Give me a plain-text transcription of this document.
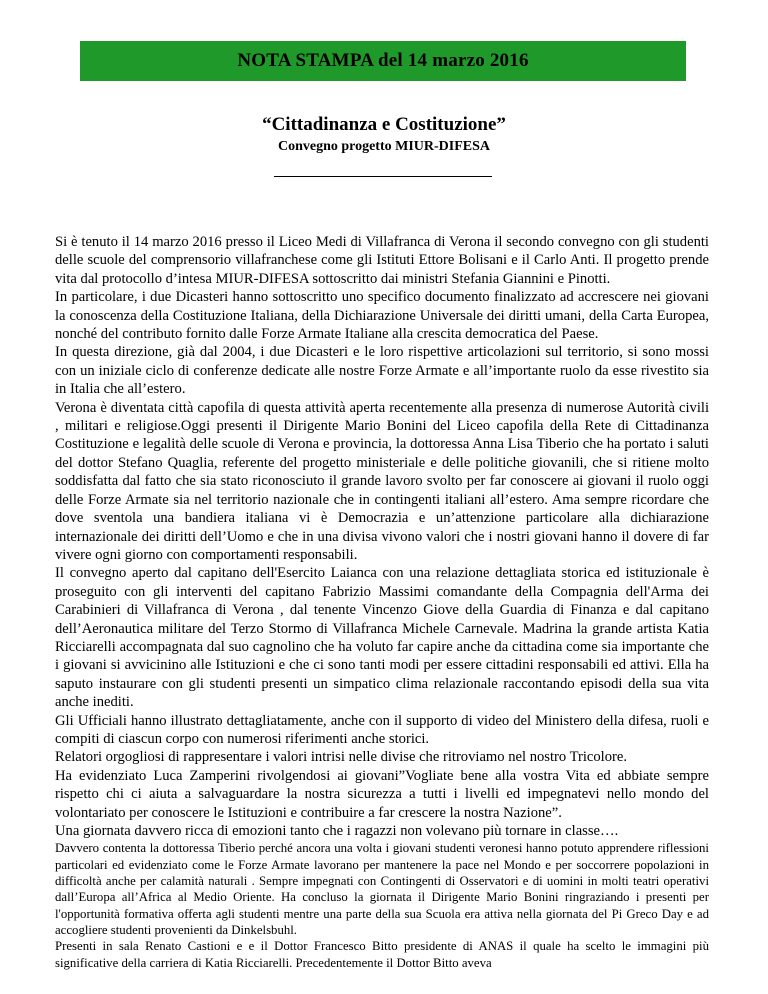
NOTA STAMPA del 14 marzo 2016
“Cittadinanza e Costituzione”
Convegno progetto MIUR-DIFESA

Si è tenuto il 14 marzo 2016 presso il Liceo Medi di Villafranca di Verona il secondo convegno con gli studenti delle scuole del comprensorio villafranchese come gli Istituti Ettore Bolisani e il Carlo Anti. Il progetto prende vita dal protocollo d’intesa MIUR-DIFESA sottoscritto dai ministri Stefania Giannini e Pinotti.

In particolare, i due Dicasteri hanno sottoscritto uno specifico documento finalizzato ad accrescere nei giovani la conoscenza della Costituzione Italiana, della Dichiarazione Universale dei diritti umani, della Carta Europea, nonché del contributo fornito dalle Forze Armate Italiane alla crescita democratica del Paese.

In questa direzione, già dal 2004, i due Dicasteri e le loro rispettive articolazioni sul territorio, si sono mossi con un iniziale ciclo di conferenze dedicate alle nostre Forze Armate e all’importante ruolo da esse rivestito sia in Italia che all’estero.

Verona è diventata città capofila di questa attività aperta recentemente alla presenza di numerose Autorità civili , militari e religiose.Oggi presenti il Dirigente Mario Bonini del Liceo capofila della Rete di Cittadinanza Costituzione e legalità delle scuole di Verona e provincia, la dottoressa Anna Lisa Tiberio che ha portato i saluti del dottor Stefano Quaglia, referente del progetto ministeriale e delle politiche giovanili, che si ritiene molto soddisfatta dal fatto che sia stato riconosciuto il grande lavoro svolto per far conoscere ai giovani il ruolo oggi delle Forze Armate sia nel territorio nazionale che in contingenti italiani all’estero. Ama sempre ricordare che dove sventola una bandiera italiana vi è Democrazia e un’attenzione particolare alla dichiarazione internazionale dei diritti dell’Uomo e che in una divisa vivono valori che i nostri giovani hanno il dovere di far vivere ogni giorno con comportamenti responsabili.

Il convegno aperto dal capitano dell'Esercito Laianca con una relazione dettagliata storica ed istituzionale è proseguito con gli interventi del capitano Fabrizio Massimi comandante della Compagnia dell'Arma dei Carabinieri di Villafranca di Verona , dal tenente Vincenzo Giove della Guardia di Finanza e dal capitano dell’Aeronautica militare del Terzo Stormo di Villafranca Michele Carnevale. Madrina la grande artista Katia Ricciarelli accompagnata dal suo cagnolino che ha voluto far capire anche da cittadina come sia importante che i giovani si avvicinino alle Istituzioni e che ci sono tanti modi per essere cittadini responsabili ed attivi. Ella ha saputo instaurare con gli studenti presenti un simpatico clima relazionale raccontando episodi della sua vita anche inediti.

Gli Ufficiali hanno illustrato dettagliatamente, anche con il supporto di video del Ministero della difesa, ruoli e compiti di ciascun corpo con numerosi riferimenti anche storici.

Relatori orgogliosi di rappresentare i valori intrisi nelle divise che ritroviamo nel nostro Tricolore.

Ha evidenziato Luca Zamperini rivolgendosi ai giovani”Vogliate bene alla vostra Vita ed abbiate sempre rispetto chi ci aiuta a salvaguardare la nostra sicurezza a tutti i livelli ed impegnatevi nello mondo del volontariato per conoscere le Istituzioni e contribuire a far crescere la nostra Nazione”.

Una giornata davvero ricca di emozioni tanto che i ragazzi non volevano più tornare in classe….

Davvero contenta la dottoressa Tiberio perché ancora una volta i giovani studenti veronesi hanno potuto apprendere riflessioni particolari ed evidenziato come le Forze Armate lavorano per mantenere la pace nel Mondo e per soccorrere popolazioni in difficoltà anche per calamità naturali . Sempre impegnati con Contingenti di Osservatori e di uomini in molti teatri operativi dall’Europa all’Africa al Medio Oriente. Ha concluso la giornata il Dirigente Mario Bonini ringraziando i presenti per l'opportunità formativa offerta agli studenti mentre una parte della sua Scuola era attiva nella giornata del Pi Greco Day e ad accogliere studenti provenienti da Dinkelsbuhl.

Presenti in sala Renato Castioni e e il Dottor Francesco Bitto presidente di ANAS il quale ha scelto le immagini più significative della carriera di Katia Ricciarelli. Precedentemente il Dottor Bitto aveva
